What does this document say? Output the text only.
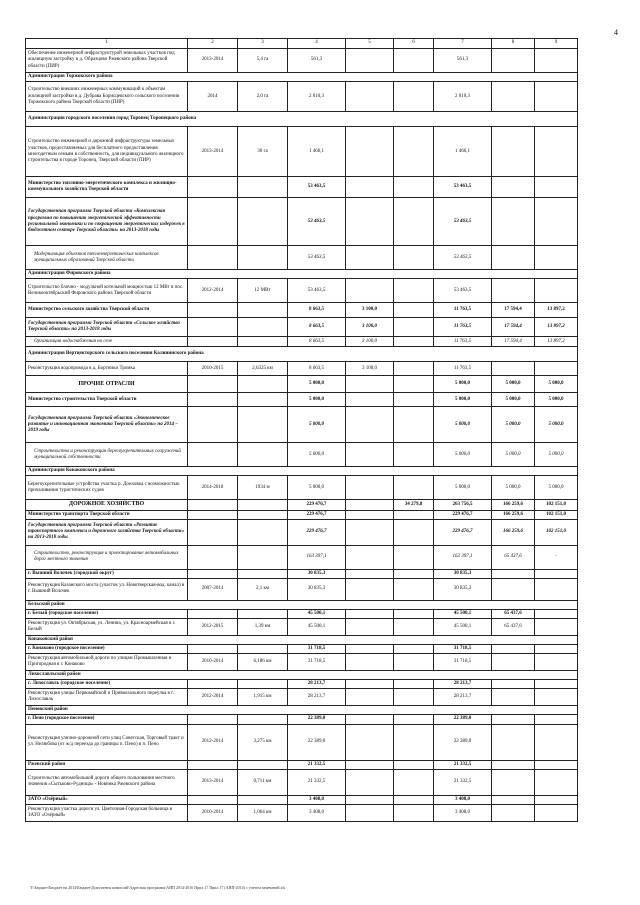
4
1	2	3	4	5	6	7	8	9
Обеспечение инженерной инфраструктурой земельных участков под жилищную застройку в д. Образцово Ржевского района Тверской области (ПИР)	2013-2014	5,4 га	561,3			561,3		
Администрация Торжокского района								
Строительство внешних инженерных коммуникаций к объектам жилищной застройки в д. Дубрава Борисцевского сельского поселения Торжокского района Тверской области (ПИР)	2014	2,0 га	2 010,3			2 010,3		
Администрация городского поселения город Торопец Торопецкого района								
Строительство инженерной и дорожной инфраструктуры земельных участков, предоставляемых для бесплатного предоставления многодетным семьям в собственность, для индивидуального жилищного строительства в городе Торопец, Тверской области (ПИР)	2013-2014	30 га	1 466,1			1 466,1		
Министерство топливно-энергетического комплекса и жилищно-коммунального хозяйства Тверской области			53 463,5			53 463,5		
Государственная программа Тверской области «Комплексная программа по повышению энергетической эффективности региональной экономики и по сокращению энергетических издержек в бюджетном секторе Тверской области» на 2013-2018 годы			53 463,5			53 463,5		
Модернизация объектов теплоэнергетических комплексов муниципальных образований Тверской области			53 463,5			53 463,5		
Администрация Фировского района								
Строительство блочно - модульной котельной мощностью 12 МВт в пос. Великооктябрьский Фировского района Тверской области	2012-2014	12 МВт	53 463,5			53 463,5		
Министерство сельского хозяйства Тверской области			8 663,5	3 100,0		11 763,5	17 594,4	13 897,2
Государственная программа Тверской области «Сельское хозяйство Тверской области» на 2013-2018 годы			8 663,5	3 100,0		11 763,5	17 594,4	13 897,2
Организация водоснабжения на селе			8 663,5	3 100,0		11 763,5	17 594,4	13 897,2
Администрация Вертцекторского сельского поселения Калининского района								
Реконструкция водопровода в д. Бортники Тромка	2010-2015	2,6325 км	8 663,5	3 100,0		11 763,5		
ПРОЧИЕ ОТРАСЛИ			5 000,0			5 000,0	5 000,0	5 000,0
Министерство строительства Тверской области			5 000,0			5 000,0	5 000,0	5 000,0
Государственная программа Тверской области «Экономическое развитие и инновационная экономика Тверской области» на 2014 – 2019 годы			5 000,0			5 000,0	5 000,0	5 000,0
Строительство и реконструкция берегоукрепительных сооружений муниципальной собственности			5 000,0			5 000,0	5 000,0	5 000,0
Администрация Конаковского района								
Берегоукрепительные устройства участка р. Донховка с возможностью причаливания туристических судов	2014-2018	1934 м	5 000,0			5 000,0	5 000,0	5 000,0
ДОРОЖНОЕ ХОЗЯЙСТВО			229 476,7		34 279,8	263 756,5	166 259,6	102 151,0
Министерство транспорта Тверской области			229 476,7			229 476,7	166 259,6	102 151,0
Государственная программа Тверской области «Развитие транспортного комплекса и дорожного хозяйства Тверской области» на 2013-2018 годы			229 476,7			229 476,7	166 259,6	102 151,0
Строительство, реконструкция и проектирование автомобильных дорог местного значения			163 397,1			163 397,1	65 437,6	-
г. Вышний Волочек (городской округ)			30 835,3			30 835,3		
Реконструкция Казанского моста (участок ул. Новотверская-вод. канал) в г. Вышний Волочек	2007-2014	2,1 км	30 835,3			30 835,3		
Бельский район								
г. Белый (городское поселение)			45 500,1			45 500,1	65 437,6	
Реконструкция ул. Октябрьская, ул. Ленина, ул. Красноармейская в г. Белый	2012-2015	1,39 км	45 500,1			45 500,1	65 437,6	
Конаковский район								
г. Конаково (городское поселение)			31 718,5			31 718,5		
Реконструкция автомобильной дороги по улицам Промышленная и Пригородная в г. Конаково	2010-2014	6,186 км	31 718,5			31 718,5		
Лихославльский район								
г. Лихославль (городское поселение)			28 213,7			28 213,7		
Реконструкция улицы Первомайской и Привокзального переулка в г. Лихославль	2012-2014	1,915 км	28 213,7			28 213,7		
Пеновский район								
г. Пено (городское поселение)			22 389,0			22 389,0		
Реконструкция улично-дорожной сети улиц Советская, Торговый тракт и ул. Нелюбова (от ж/д переезда до границы п. Пено) в п. Пено	2012-2014	3,275 км	22 389,0			22 389,0		
Ржевский район			21 332,5			21 332,5		
Строительство автомобильной дороги общего пользования местного значения «Сытьково-Рудница» - Новинка Ржевского района	2013-2014	0,711 км	21 332,5			21 332,5		
ЗАТО «Озёрный»			3 408,0			3 408,0		
Реконструкция участка дороги ул. Цветочная-Городская больница в ЗАТО «Озёрный»	2010-2014	1,064 км	3 408,0			3 408,0		
T:\Бюджет\Бюджет на 2014\Бюджет\Документы комиссий\Адресная программа\АИП 2014-2016 Прил 17 Прил 17 (АИП-2014) с учетом замечаний.xls
